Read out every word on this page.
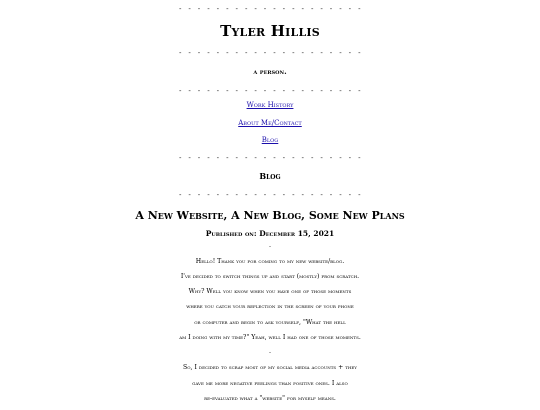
- - - - - - - - - - - - - - - - - - - -
Tyler Hillis
- - - - - - - - - - - - - - - - - - - -
a person.
- - - - - - - - - - - - - - - - - - - -
Work History
About Me/Contact
Blog
- - - - - - - - - - - - - - - - - - - -
Blog
- - - - - - - - - - - - - - - - - - - -
A New Website, A New Blog, Some New Plans
Published on: December 15, 2021
-
Hello! Thank you for coming to my new website/blog.
I've decided to switch things up and start (mostly) from scratch.
Why? Well you know when you have one of those moments
where you catch your reflection in the screen of your phone
or computer and begin to ask yourself, "What the hell
am I doing with my time?" Yeah, well I had one of those moments.
-
So, I decided to scrap most of my social media accounts + they
gave me more negative feelings than positive ones. I also
re-evaluated what a "website" for myself means.
